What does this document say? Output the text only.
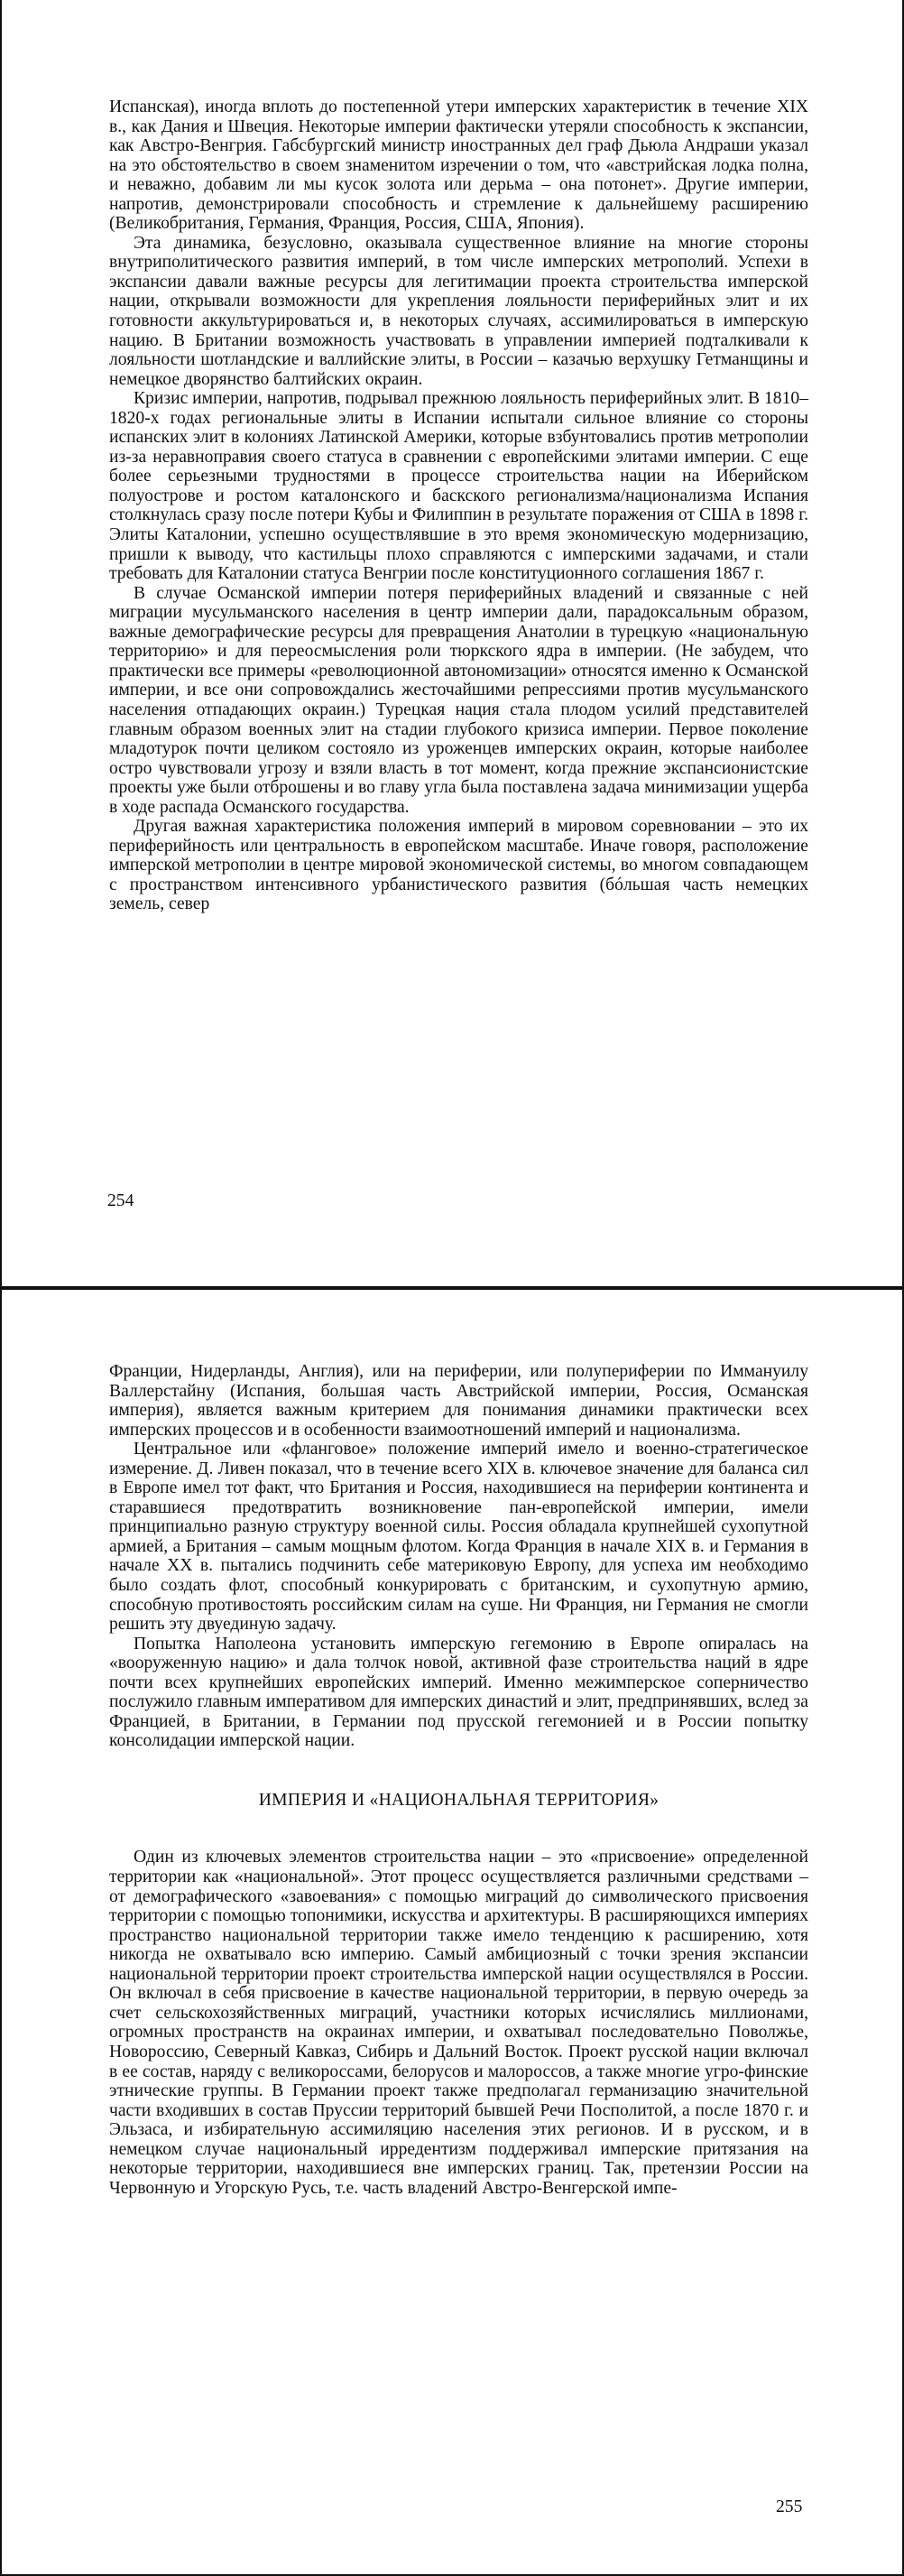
Испанская), иногда вплоть до постепенной утери имперских характеристик в течение XIX в., как Дания и Швеция. Некоторые империи фактически утеряли способность к экспансии, как Австро-Венгрия. Габсбургский министр иностранных дел граф Дьюла Андраши указал на это обстоятельство в своем знаменитом изречении о том, что «австрийская лодка полна, и неважно, добавим ли мы кусок золота или дерьма – она потонет». Другие империи, напротив, демонстрировали способность и стремление к дальнейшему расширению (Великобритания, Германия, Франция, Россия, США, Япония).

Эта динамика, безусловно, оказывала существенное влияние на многие стороны внутриполитического развития империй, в том числе имперских метрополий. Успехи в экспансии давали важные ресурсы для легитимации проекта строительства имперской нации, открывали возможности для укрепления лояльности периферийных элит и их готовности аккультурироваться и, в некоторых случаях, ассимилироваться в имперскую нацию. В Британии возможность участвовать в управлении империей подталкивали к лояльности шотландские и валлийские элиты, в России – казачью верхушку Гетманщины и немецкое дворянство балтийских окраин.

Кризис империи, напротив, подрывал прежнюю лояльность периферийных элит. В 1810–1820-х годах региональные элиты в Испании испытали сильное влияние со стороны испанских элит в колониях Латинской Америки, которые взбунтовались против метрополии из-за неравноправия своего статуса в сравнении с европейскими элитами империи. С еще более серьезными трудностями в процессе строительства нации на Иберийском полуострове и ростом каталонского и баскского регионализма/национализма Испания столкнулась сразу после потери Кубы и Филиппин в результате поражения от США в 1898 г. Элиты Каталонии, успешно осуществлявшие в это время экономическую модернизацию, пришли к выводу, что кастильцы плохо справляются с имперскими задачами, и стали требовать для Каталонии статуса Венгрии после конституционного соглашения 1867 г.

В случае Османской империи потеря периферийных владений и связанные с ней миграции мусульманского населения в центр империи дали, парадоксальным образом, важные демографические ресурсы для превращения Анатолии в турецкую «национальную территорию» и для переосмысления роли тюркского ядра в империи. (Не забудем, что практически все примеры «революционной автономизации» относятся именно к Османской империи, и все они сопровождались жесточайшими репрессиями против мусульманского населения отпадающих окраин.) Турецкая нация стала плодом усилий представителей главным образом военных элит на стадии глубокого кризиса империи. Первое поколение младотурок почти целиком состояло из уроженцев имперских окраин, которые наиболее остро чувствовали угрозу и взяли власть в тот момент, когда прежние экспансионистские проекты уже были отброшены и во главу угла была поставлена задача минимизации ущерба в ходе распада Османского государства.

Другая важная характеристика положения империй в мировом соревновании – это их периферийность или центральность в европейском масштабе. Иначе говоря, расположение имперской метрополии в центре мировой экономической системы, во многом совпадающем с пространством интенсивного урбанистического развития (бóльшая часть немецких земель, север

254

Франции, Нидерланды, Англия), или на периферии, или полупериферии по Иммануилу Валлерстайну (Испания, большая часть Австрийской империи, Россия, Османская империя), является важным критерием для понимания динамики практически всех имперских процессов и в особенности взаимоотношений империй и национализма.

Центральное или «фланговое» положение империй имело и военно-стратегическое измерение. Д. Ливен показал, что в течение всего XIX в. ключевое значение для баланса сил в Европе имел тот факт, что Британия и Россия, находившиеся на периферии континента и старавшиеся предотвратить возникновение пан-европейской империи, имели принципиально разную структуру военной силы. Россия обладала крупнейшей сухопутной армией, а Британия – самым мощным флотом. Когда Франция в начале XIX в. и Германия в начале XX в. пытались подчинить себе материковую Европу, для успеха им необходимо было создать флот, способный конкурировать с британским, и сухопутную армию, способную противостоять российским силам на суше. Ни Франция, ни Германия не смогли решить эту двуединую задачу.

Попытка Наполеона установить имперскую гегемонию в Европе опиралась на «вооруженную нацию» и дала толчок новой, активной фазе строительства наций в ядре почти всех крупнейших европейских империй. Именно межимперское соперничество послужило главным императивом для имперских династий и элит, предпринявших, вслед за Францией, в Британии, в Германии под прусской гегемонией и в России попытку консолидации имперской нации.

ИМПЕРИЯ И «НАЦИОНАЛЬНАЯ ТЕРРИТОРИЯ»

Один из ключевых элементов строительства нации – это «присвоение» определенной территории как «национальной». Этот процесс осуществляется различными средствами – от демографического «завоевания» с помощью миграций до символического присвоения территории с помощью топонимики, искусства и архитектуры. В расширяющихся империях пространство национальной территории также имело тенденцию к расширению, хотя никогда не охватывало всю империю. Самый амбициозный с точки зрения экспансии национальной территории проект строительства имперской нации осуществлялся в России. Он включал в себя присвоение в качестве национальной территории, в первую очередь за счет сельскохозяйственных миграций, участники которых исчислялись миллионами, огромных пространств на окраинах империи, и охватывал последовательно Поволжье, Новороссию, Северный Кавказ, Сибирь и Дальний Восток. Проект русской нации включал в ее состав, наряду с великороссами, белорусов и малороссов, а также многие угро-финские этнические группы. В Германии проект также предполагал германизацию значительной части входивших в состав Пруссии территорий бывшей Речи Посполитой, а после 1870 г. и Эльзаса, и избирательную ассимиляцию населения этих регионов. И в русском, и в немецком случае национальный ирредентизм поддерживал имперские притязания на некоторые территории, находившиеся вне имперских границ. Так, претензии России на Червонную и Угорскую Русь, т.е. часть владений Австро-Венгерской импе-

255
